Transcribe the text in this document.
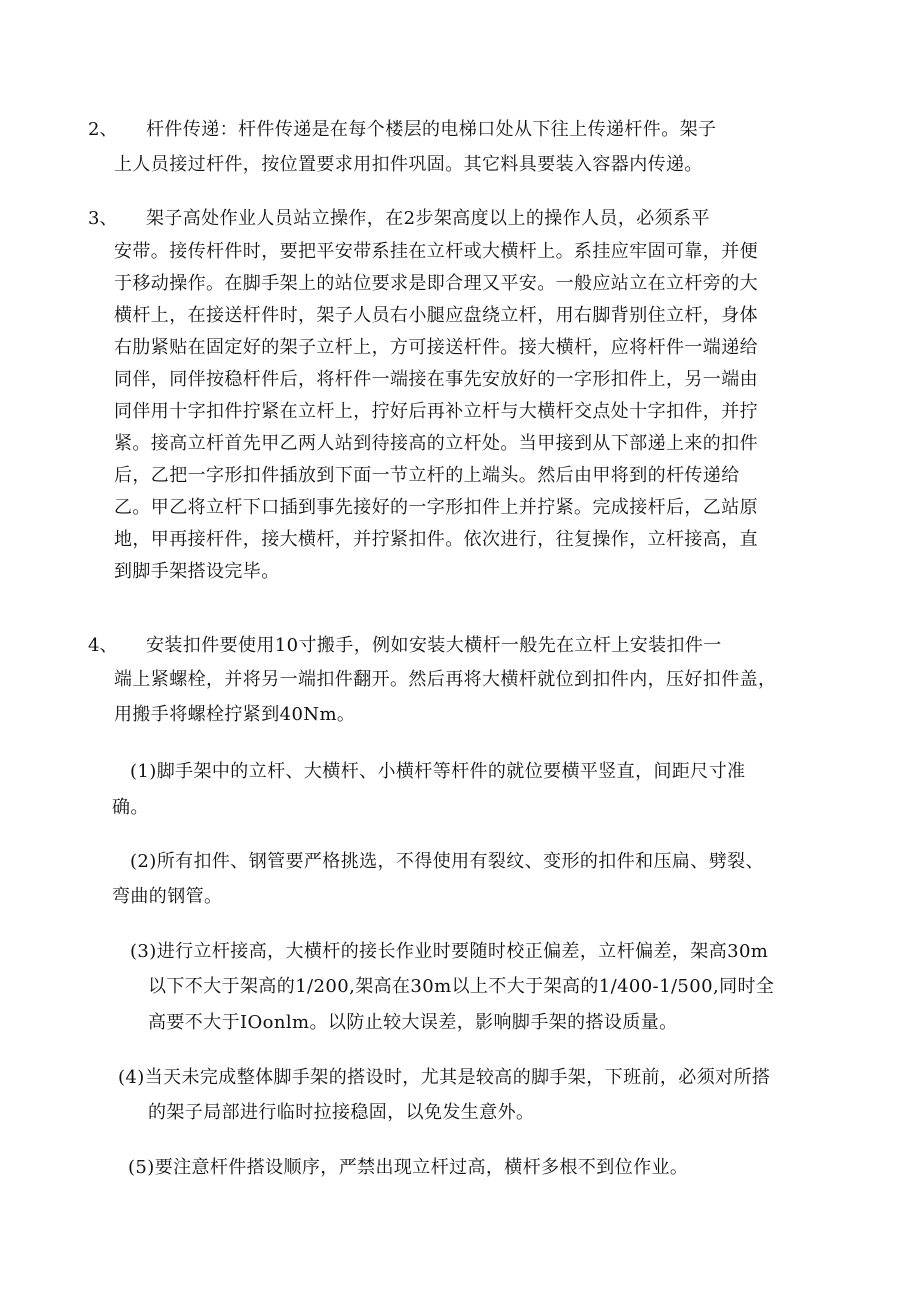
2、 杆件传递：杆件传递是在每个楼层的电梯口处从下往上传递杆件。架子
上人员接过杆件，按位置要求用扣件巩固。其它料具要装入容器内传递。
3、 架子高处作业人员站立操作，在2步架高度以上的操作人员，必须系平
安带。接传杆件时，要把平安带系挂在立杆或大横杆上。系挂应牢固可靠，并便
于移动操作。在脚手架上的站位要求是即合理又平安。一般应站立在立杆旁的大
横杆上，在接送杆件时，架子人员右小腿应盘绕立杆，用右脚背别住立杆，身体
右肋紧贴在固定好的架子立杆上，方可接送杆件。接大横杆，应将杆件一端递给
同伴，同伴按稳杆件后，将杆件一端接在事先安放好的一字形扣件上，另一端由
同伴用十字扣件拧紧在立杆上，拧好后再补立杆与大横杆交点处十字扣件，并拧
紧。接高立杆首先甲乙两人站到待接高的立杆处。当甲接到从下部递上来的扣件
后，乙把一字形扣件插放到下面一节立杆的上端头。然后由甲将到的杆传递给
乙。甲乙将立杆下口插到事先接好的一字形扣件上并拧紧。完成接杆后，乙站原
地，甲再接杆件，接大横杆，并拧紧扣件。依次进行，往复操作，立杆接高，直
到脚手架搭设完毕。
4、 安装扣件要使用10寸搬手，例如安装大横杆一般先在立杆上安装扣件一
端上紧螺栓，并将另一端扣件翻开。然后再将大横杆就位到扣件内，压好扣件盖，
用搬手将螺栓拧紧到40Nm。
(1)脚手架中的立杆、大横杆、小横杆等杆件的就位要横平竖直，间距尺寸准
确。
(2)所有扣件、钢管要严格挑选，不得使用有裂纹、变形的扣件和压扁、劈裂、
弯曲的钢管。
(3)进行立杆接高，大横杆的接长作业时要随时校正偏差，立杆偏差，架高30m
以下不大于架高的1/200,架高在30m以上不大于架高的1/400-1/500,同时全
高要不大于IOonlm。以防止较大误差，影响脚手架的搭设质量。
(4)当天未完成整体脚手架的搭设时，尤其是较高的脚手架，下班前，必须对所搭
的架子局部进行临时拉接稳固，以免发生意外。
(5)要注意杆件搭设顺序，严禁出现立杆过高，横杆多根不到位作业。
